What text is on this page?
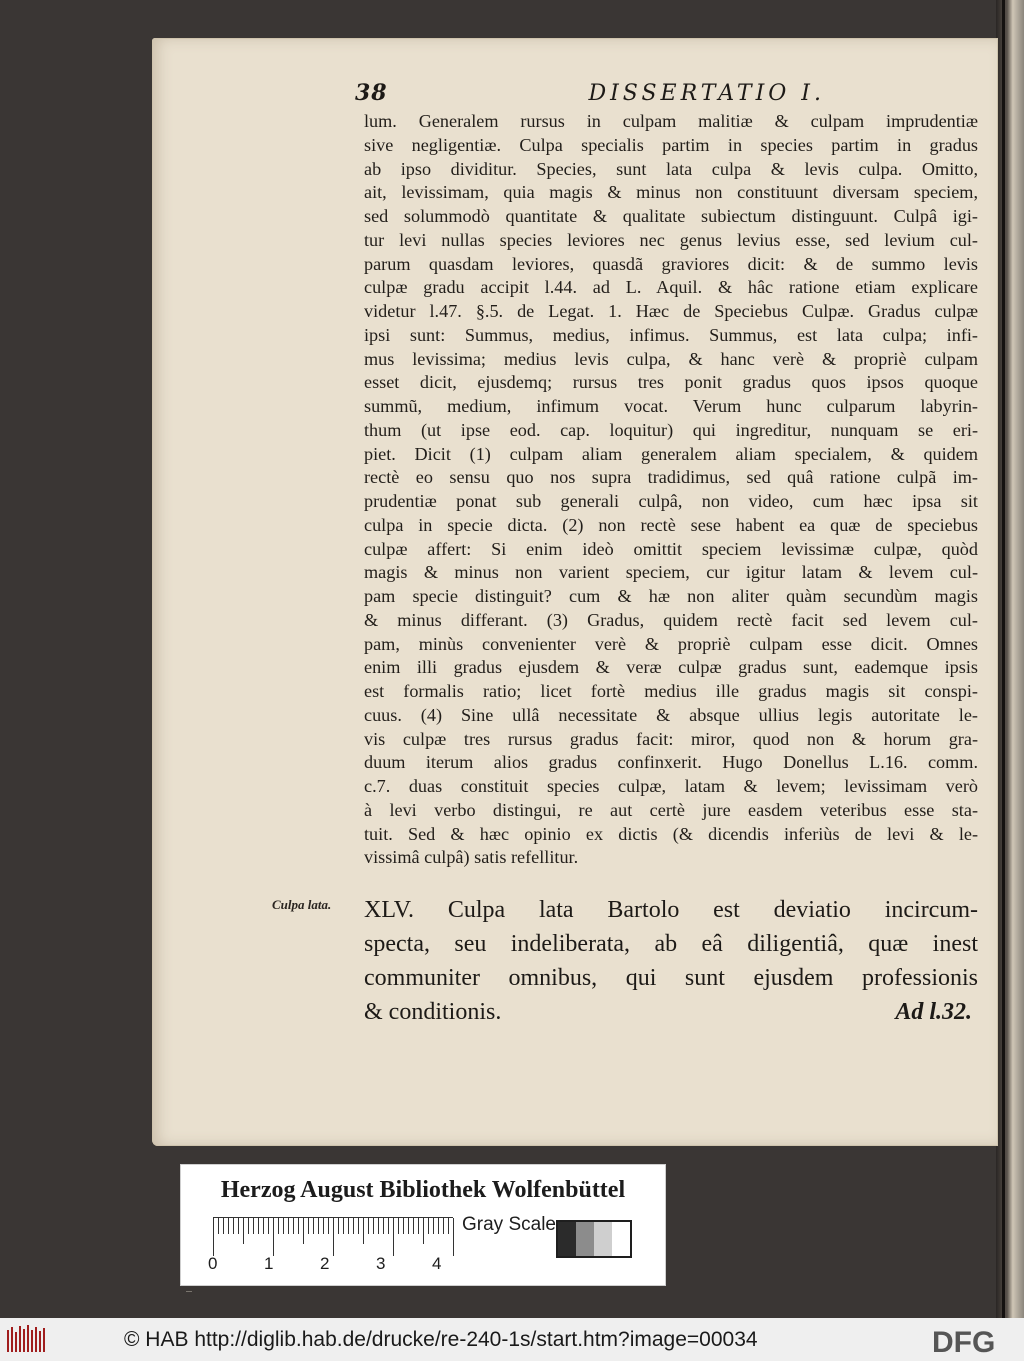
38	DISSERTATIO I.
lum. Generalem rursus in culpam malitiæ & culpam imprudentiæ
sive negligentiæ. Culpa specialis partim in species partim in gradus
ab ipso dividitur. Species, sunt lata culpa & levis culpa. Omitto,
ait, levissimam, quia magis & minus non constituunt diversam speciem,
sed solummodò quantitate & qualitate subiectum distinguunt. Culpâ igi-
tur levi nullas species leviores nec genus levius esse, sed levium cul-
parum quasdam leviores, quasdã graviores dicit: & de summo levis
culpæ gradu accipit l.44. ad L. Aquil. & hâc ratione etiam explicare
videtur l.47. §.5. de Legat. 1. Hæc de Speciebus Culpæ. Gradus culpæ
ipsi sunt: Summus, medius, infimus. Summus, est lata culpa; infi-
mus levissima; medius levis culpa, & hanc verè & propriè culpam
esset dicit, ejusdemq; rursus tres ponit gradus quos ipsos quoque
summũ, medium, infimum vocat. Verum hunc culparum labyrin-
thum (ut ipse eod. cap. loquitur) qui ingreditur, nunquam se eri-
piet. Dicit (1) culpam aliam generalem aliam specialem, & quidem
rectè eo sensu quo nos supra tradidimus, sed quâ ratione culpã im-
prudentiæ ponat sub generali culpâ, non video, cum hæc ipsa sit
culpa in specie dicta. (2) non rectè sese habent ea quæ de speciebus
culpæ affert: Si enim ideò omittit speciem levissimæ culpæ, quòd
magis & minus non varient speciem, cur igitur latam & levem cul-
pam specie distinguit? cum & hæ non aliter quàm secundùm magis
& minus differant. (3) Gradus, quidem rectè facit sed levem cul-
pam, minùs convenienter verè & propriè culpam esse dicit. Omnes
enim illi gradus ejusdem & veræ culpæ gradus sunt, eademque ipsis
est formalis ratio; licet fortè medius ille gradus magis sit conspi-
cuus. (4) Sine ullâ necessitate & absque ullius legis autoritate le-
vis culpæ tres rursus gradus facit: miror, quod non & horum gra-
duum iterum alios gradus confinxerit. Hugo Donellus L.16. comm.
c.7. duas constituit species culpæ, latam & levem; levissimam verò
à levi verbo distingui, re aut certè jure easdem veteribus esse sta-
tuit. Sed & hæc opinio ex dictis (& dicendis inferiùs de levi & le-
vissimâ culpâ) satis refellitur.
Culpa lata. XLV. Culpa lata Bartolo est deviatio incircum-
specta, seu indeliberata, ab eâ diligentiâ, quæ inest
communiter omnibus, qui sunt ejusdem professionis
& conditionis.	Ad l.32.
Herzog August Bibliothek Wolfenbüttel
0	1	2	3	4
Gray Scale
© HAB http://diglib.hab.de/drucke/re-240-1s/start.htm?image=00034	DFG
